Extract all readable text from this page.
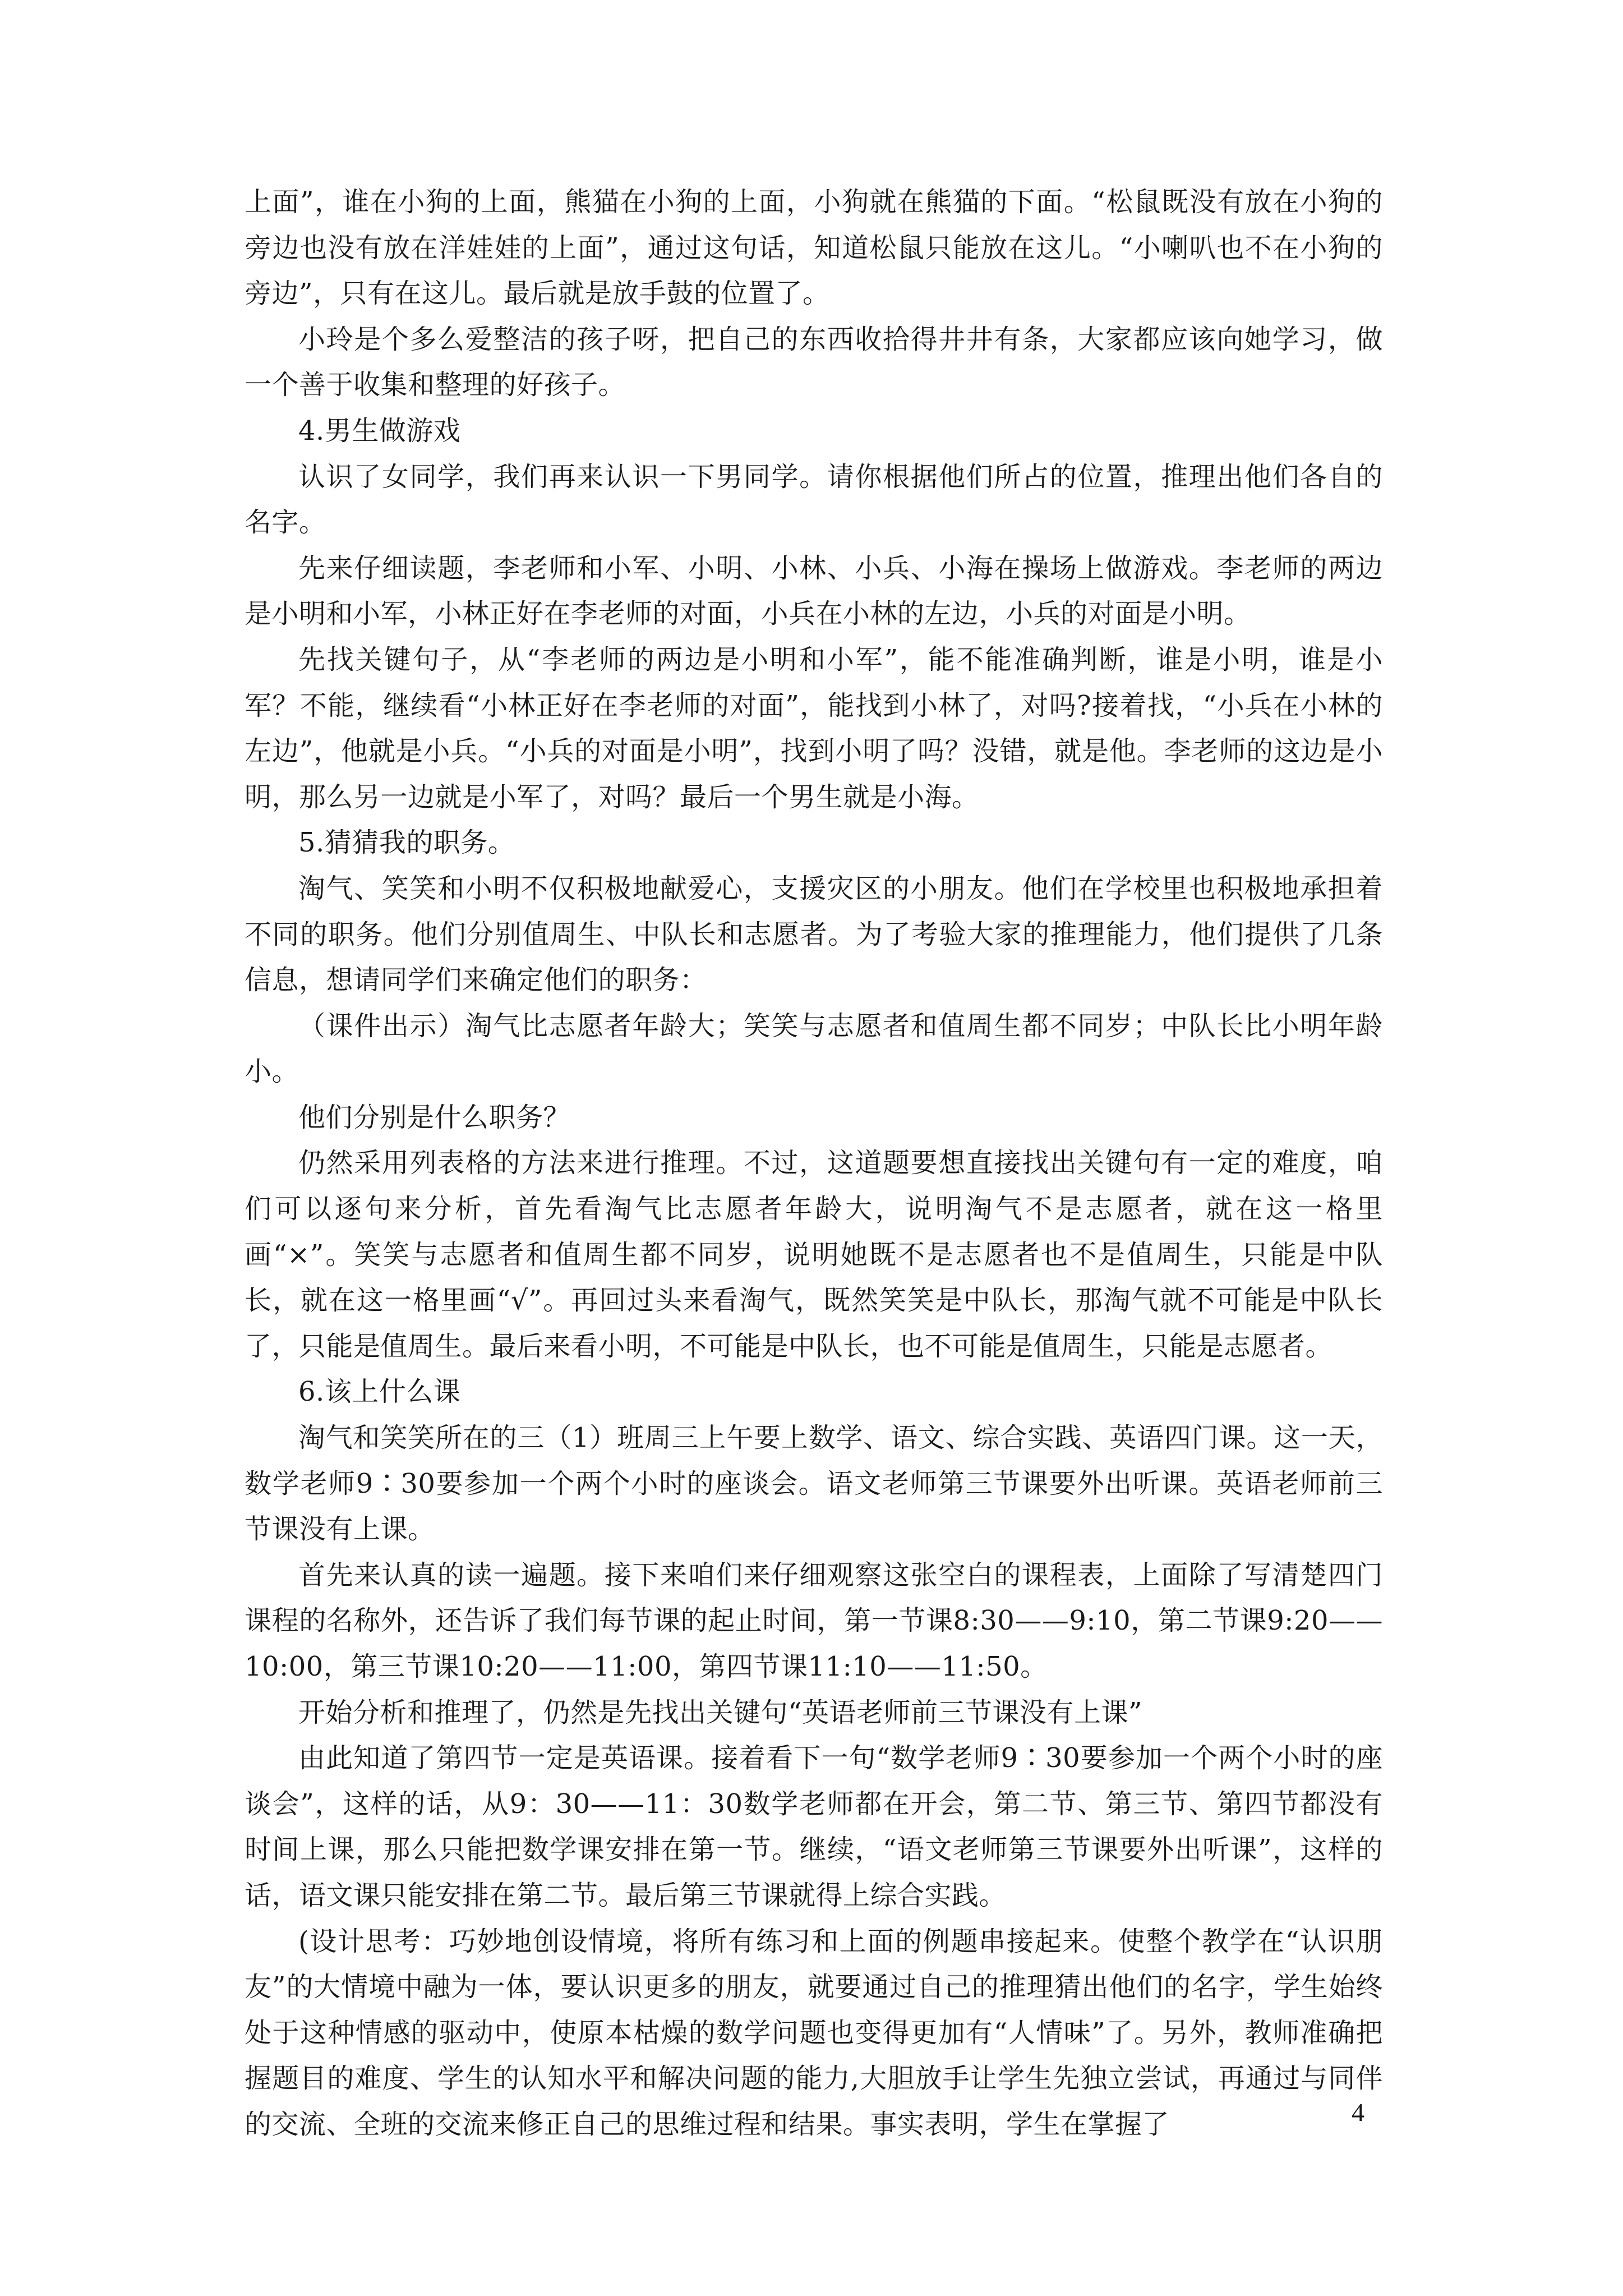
上面”，谁在小狗的上面，熊猫在小狗的上面，小狗就在熊猫的下面。“松鼠既没有放在小狗的旁边也没有放在洋娃娃的上面”，通过这句话，知道松鼠只能放在这儿。“小喇叭也不在小狗的旁边”，只有在这儿。最后就是放手鼓的位置了。

小玲是个多么爱整洁的孩子呀，把自己的东西收拾得井井有条，大家都应该向她学习，做一个善于收集和整理的好孩子。

4.男生做游戏

认识了女同学，我们再来认识一下男同学。请你根据他们所占的位置，推理出他们各自的名字。

先来仔细读题，李老师和小军、小明、小林、小兵、小海在操场上做游戏。李老师的两边是小明和小军，小林正好在李老师的对面，小兵在小林的左边，小兵的对面是小明。

先找关键句子，从“李老师的两边是小明和小军”，能不能准确判断，谁是小明，谁是小军？不能，继续看“小林正好在李老师的对面”，能找到小林了，对吗?接着找，“小兵在小林的左边”，他就是小兵。“小兵的对面是小明”，找到小明了吗？没错，就是他。李老师的这边是小明，那么另一边就是小军了，对吗？最后一个男生就是小海。

5.猜猜我的职务。

淘气、笑笑和小明不仅积极地献爱心，支援灾区的小朋友。他们在学校里也积极地承担着不同的职务。他们分别值周生、中队长和志愿者。为了考验大家的推理能力，他们提供了几条信息，想请同学们来确定他们的职务：

（课件出示）淘气比志愿者年龄大；笑笑与志愿者和值周生都不同岁；中队长比小明年龄小。

他们分别是什么职务？

仍然采用列表格的方法来进行推理。不过，这道题要想直接找出关键句有一定的难度，咱们可以逐句来分析，首先看淘气比志愿者年龄大，说明淘气不是志愿者，就在这一格里画“×”。笑笑与志愿者和值周生都不同岁，说明她既不是志愿者也不是值周生，只能是中队长，就在这一格里画“√”。再回过头来看淘气，既然笑笑是中队长，那淘气就不可能是中队长了，只能是值周生。最后来看小明，不可能是中队长，也不可能是值周生，只能是志愿者。

6.该上什么课

淘气和笑笑所在的三（1）班周三上午要上数学、语文、综合实践、英语四门课。这一天，数学老师9∶30要参加一个两个小时的座谈会。语文老师第三节课要外出听课。英语老师前三节课没有上课。

首先来认真的读一遍题。接下来咱们来仔细观察这张空白的课程表，上面除了写清楚四门课程的名称外，还告诉了我们每节课的起止时间，第一节课8:30——9:10，第二节课9:20——10:00，第三节课10:20——11:00，第四节课11:10——11:50。

开始分析和推理了，仍然是先找出关键句“英语老师前三节课没有上课”

由此知道了第四节一定是英语课。接着看下一句“数学老师9∶30要参加一个两个小时的座谈会”，这样的话，从9：30——11：30数学老师都在开会，第二节、第三节、第四节都没有时间上课，那么只能把数学课安排在第一节。继续，“语文老师第三节课要外出听课”，这样的话，语文课只能安排在第二节。最后第三节课就得上综合实践。

(设计思考：巧妙地创设情境，将所有练习和上面的例题串接起来。使整个教学在“认识朋友”的大情境中融为一体，要认识更多的朋友，就要通过自己的推理猜出他们的名字，学生始终处于这种情感的驱动中，使原本枯燥的数学问题也变得更加有“人情味”了。另外，教师准确把握题目的难度、学生的认知水平和解决问题的能力,大胆放手让学生先独立尝试，再通过与同伴的交流、全班的交流来修正自己的思维过程和结果。事实表明，学生在掌握了	4
